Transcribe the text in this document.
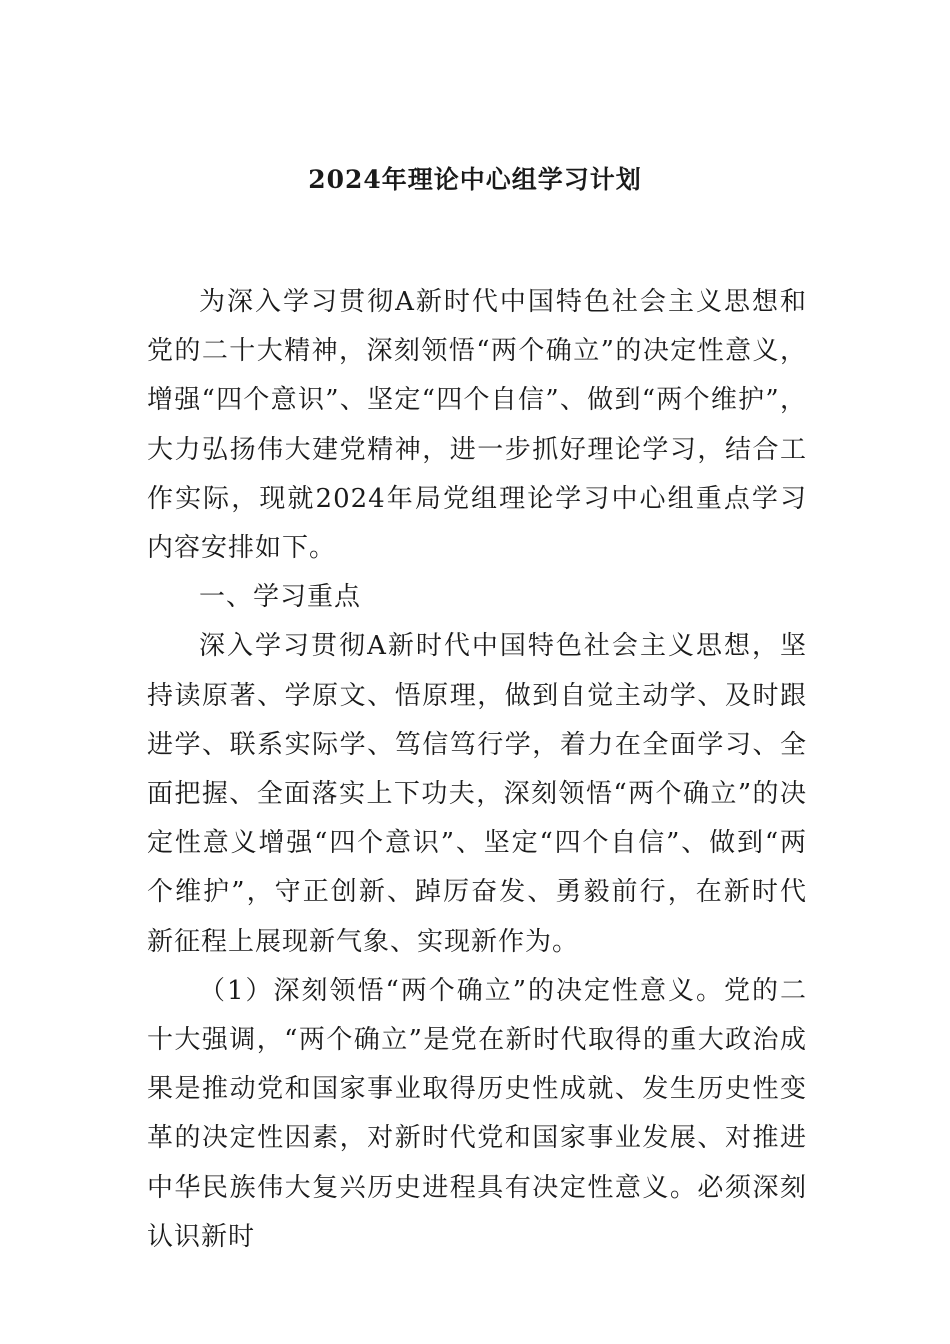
2024年理论中心组学习计划

为深入学习贯彻A新时代中国特色社会主义思想和党的二十大精神，深刻领悟“两个确立”的决定性意义，增强“四个意识”、坚定“四个自信”、做到“两个维护”，大力弘扬伟大建党精神，进一步抓好理论学习，结合工作实际，现就2024年局党组理论学习中心组重点学习内容安排如下。

一、学习重点

深入学习贯彻A新时代中国特色社会主义思想，坚持读原著、学原文、悟原理，做到自觉主动学、及时跟进学、联系实际学、笃信笃行学，着力在全面学习、全面把握、全面落实上下功夫，深刻领悟“两个确立”的决定性意义增强“四个意识”、坚定“四个自信”、做到“两个维护”，守正创新、踔厉奋发、勇毅前行，在新时代新征程上展现新气象、实现新作为。

（1）深刻领悟“两个确立”的决定性意义。党的二十大强调，“两个确立”是党在新时代取得的重大政治成果是推动党和国家事业取得历史性成就、发生历史性变革的决定性因素，对新时代党和国家事业发展、对推进中华民族伟大复兴历史进程具有决定性意义。必须深刻认识新时
